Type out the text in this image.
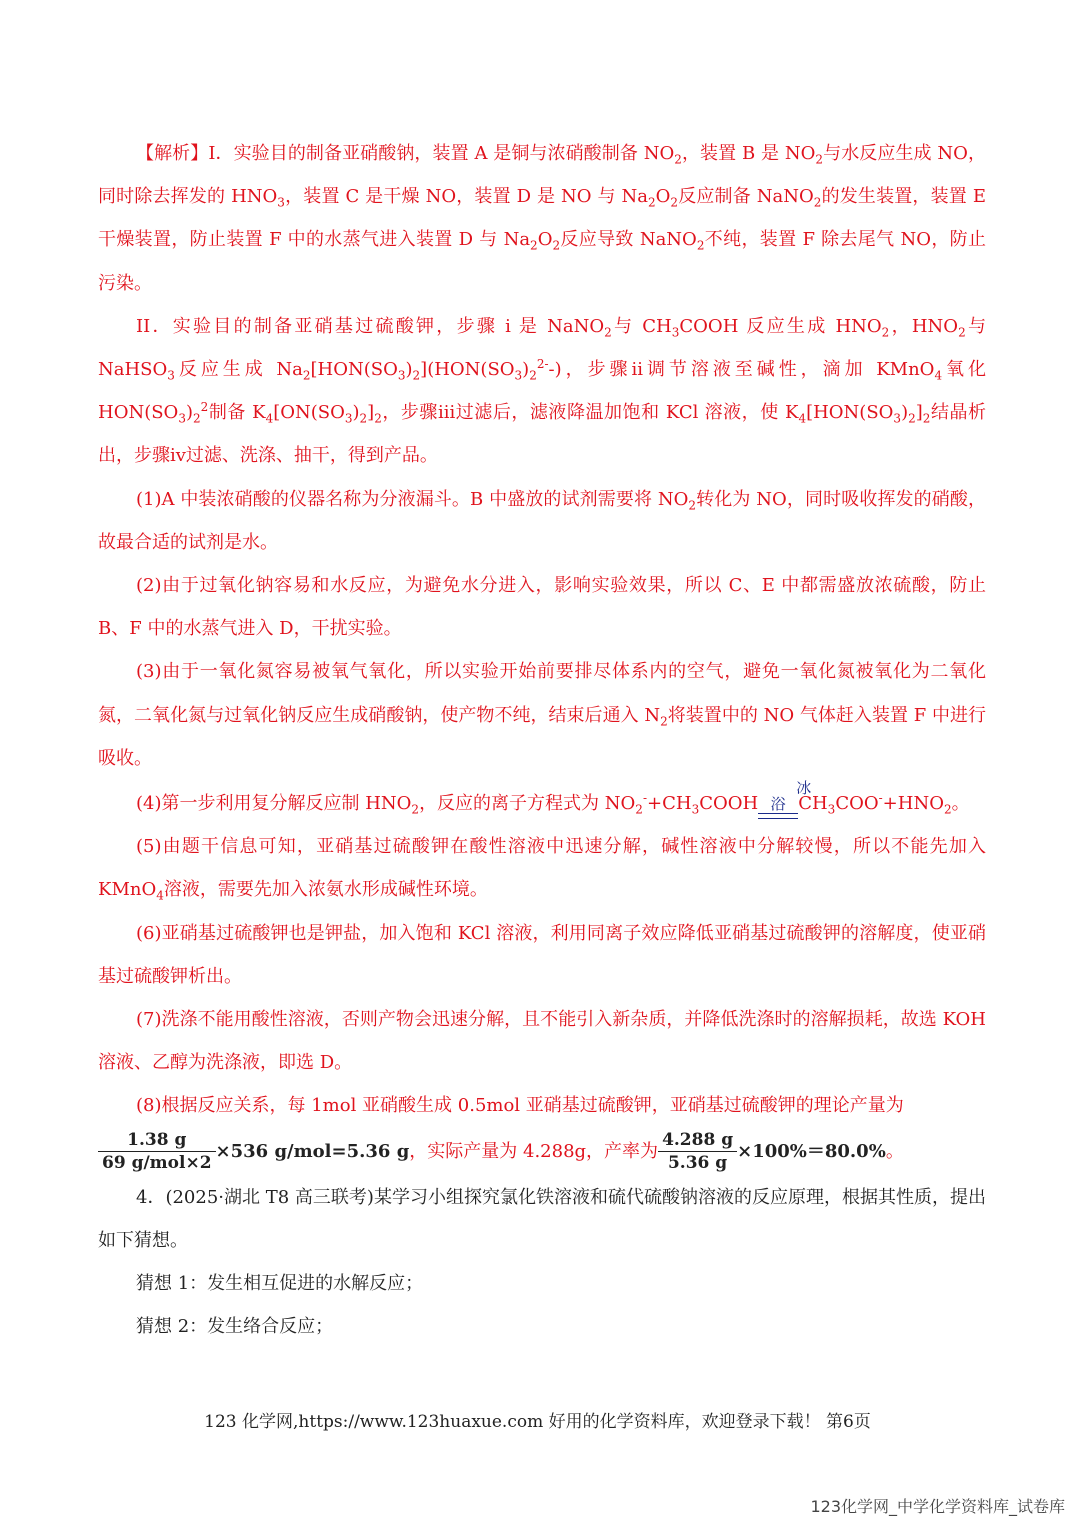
【解析】I．实验目的制备亚硝酸钠，装置 A 是铜与浓硝酸制备 $NO_2$，装置 B 是 $NO_2$与水反应生成 NO，同时除去挥发的 $HNO_3$，装置 C 是干燥 NO，装置 D 是 NO 与 $Na_2O_2$反应制备 NaNO$_2$的发生装置，装置 E 干燥装置，防止装置 F 中的水蒸气进入装置 D 与 $Na_2O_2$反应导致 NaNO$_2$不纯，装置 F 除去尾气 NO，防止污染。

II．实验目的制备亚硝基过硫酸钾，步骤 i 是 NaNO$_2$与 $CH_3COOH$ 反应生成 $HNO_2$，$HNO_2$与 NaHSO$_3$反应生成 $Na_2[HON(SO_3)_2](HON(SO_3)_2^{2-}-)$，步骤ii调节溶液至碱性，滴加 KMnO$_4$氧化 $HON(SO_3)_2^2$制备 $K_4[ON(SO_3)_2]_2$，步骤iii过滤后，滤液降温加饱和 KCl 溶液，使 $K_4[HON(SO_3)_2]_2$结晶析出，步骤iv过滤、洗涤、抽干，得到产品。

(1)A 中装浓硝酸的仪器名称为分液漏斗。B 中盛放的试剂需要将 $NO_2$转化为 NO，同时吸收挥发的硝酸，故最合适的试剂是水。

(2)由于过氧化钠容易和水反应，为避免水分进入，影响实验效果，所以 C、E 中都需盛放浓硫酸，防止 B、F 中的水蒸气进入 D，干扰实验。

(3)由于一氧化氮容易被氧气氧化，所以实验开始前要排尽体系内的空气，避免一氧化氮被氧化为二氧化氮，二氧化氮与过氧化钠反应生成硝酸钠，使产物不纯，结束后通入 $N_2$将装置中的 NO 气体赶入装置 F 中进行吸收。

(4)第一步利用复分解反应制 $HNO_2$，反应的离子方程式为 $NO_2^-+CH_3COOH$
冰浴 $CH_3COO^-+HNO_2$。

(5)由题干信息可知，亚硝基过硫酸钾在酸性溶液中迅速分解，碱性溶液中分解较慢，所以不能先加入 KMnO$_4$溶液，需要先加入浓氨水形成碱性环境。

(6)亚硝基过硫酸钾也是钾盐，加入饱和 KCl 溶液，利用同离子效应降低亚硝基过硫酸钾的溶解度，使亚硝基过硫酸钾析出。

(7)洗涤不能用酸性溶液，否则产物会迅速分解，且不能引入新杂质，并降低洗涤时的溶解损耗，故选 KOH 溶液、乙醇为洗涤液，即选 D。

(8)根据反应关系，每 1mol 亚硝酸生成 0.5mol 亚硝基过硫酸钾，亚硝基过硫酸钾的理论产量为

$\frac{1.38 g}{\text{69 g/mol×2}} \times 536$ g/mol=5.36 g，实际产量为 4.288g，产率为 $\frac{4.288 g}{5.36 g} \times 100\%=80.0\%$。

4．(2025·湖北 T8 高三联考)某学习小组探究氯化铁溶液和硫代硫酸钠溶液的反应原理，根据其性质，提出如下猜想。

猜想 1：发生相互促进的水解反应；

猜想 2：发生络合反应；

123 化学网,https://www.123huaxue.com 好用的化学资料库，欢迎登录下载！ 第6页
123化学网_中学化学资料库_试卷库
